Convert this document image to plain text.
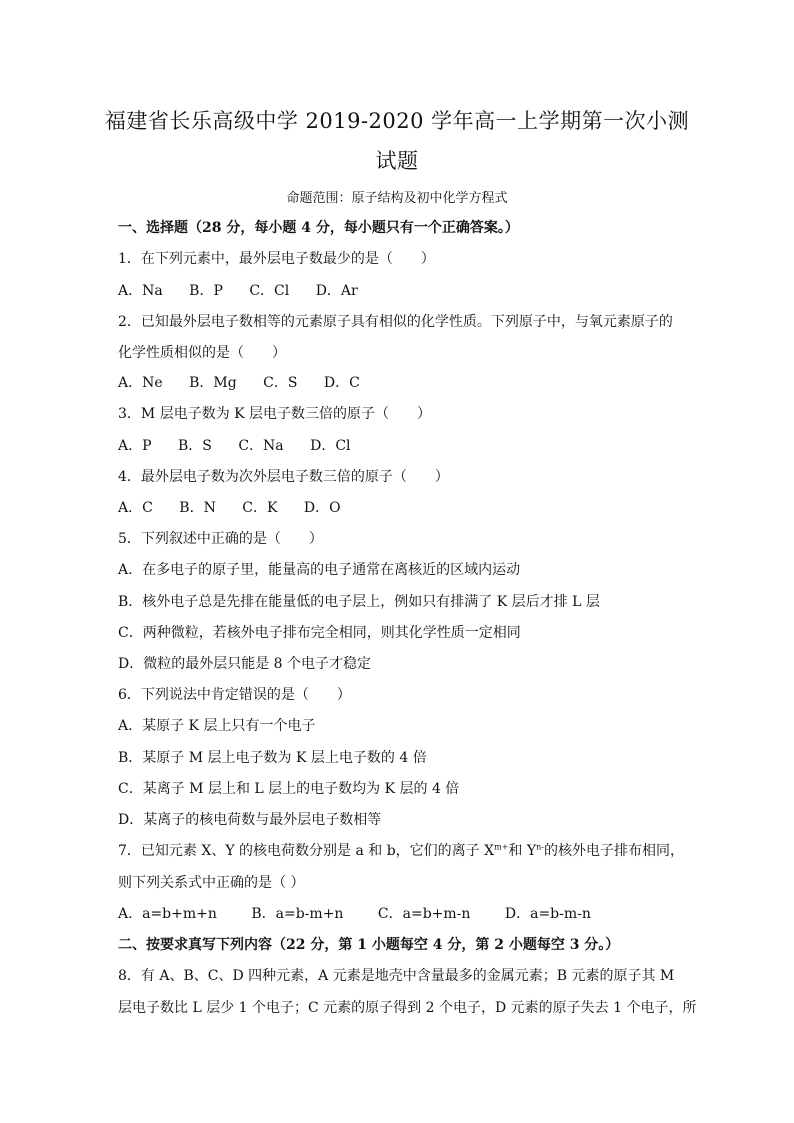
福建省长乐高级中学 2019-2020 学年高一上学期第一次小测
试题
命题范围：原子结构及初中化学方程式
一、选择题（28 分，每小题 4 分，每小题只有一个正确答案。）
1．在下列元素中，最外层电子数最少的是（　　）
A．Na B．P C．Cl D．Ar
2．已知最外层电子数相等的元素原子具有相似的化学性质。下列原子中，与氧元素原子的
化学性质相似的是（　　）
A．Ne B．Mg C．S D．C
3．M 层电子数为 K 层电子数三倍的原子（　　）
A．P B．S C．Na D．Cl
4．最外层电子数为次外层电子数三倍的原子（　　）
A．C B．N C．K D．O
5．下列叙述中正确的是（　　）
A．在多电子的原子里，能量高的电子通常在离核近的区域内运动
B．核外电子总是先排在能量低的电子层上，例如只有排满了 K 层后才排 L 层
C．两种微粒，若核外电子排布完全相同，则其化学性质一定相同
D．微粒的最外层只能是 8 个电子才稳定
6．下列说法中肯定错误的是（　　）
A．某原子 K 层上只有一个电子
B．某原子 M 层上电子数为 K 层上电子数的 4 倍
C．某离子 M 层上和 L 层上的电子数均为 K 层的 4 倍
D．某离子的核电荷数与最外层电子数相等
7．已知元素 X、Y 的核电荷数分别是 a 和 b，它们的离子 $X^{m+}$和 $Y^{n-}$的核外电子排布相同，
则下列关系式中正确的是（ ）
A．a=b+m+n B．a=b-m+n C．a=b+m-n D．a=b-m-n
二、按要求真写下列内容（22 分，第 1 小题每空 4 分，第 2 小题每空 3 分。）
8．有 A、B、C、D 四种元素，A 元素是地壳中含量最多的金属元素；B 元素的原子其 M
层电子数比 L 层少 1 个电子；C 元素的原子得到 2 个电子，D 元素的原子失去 1 个电子，所
